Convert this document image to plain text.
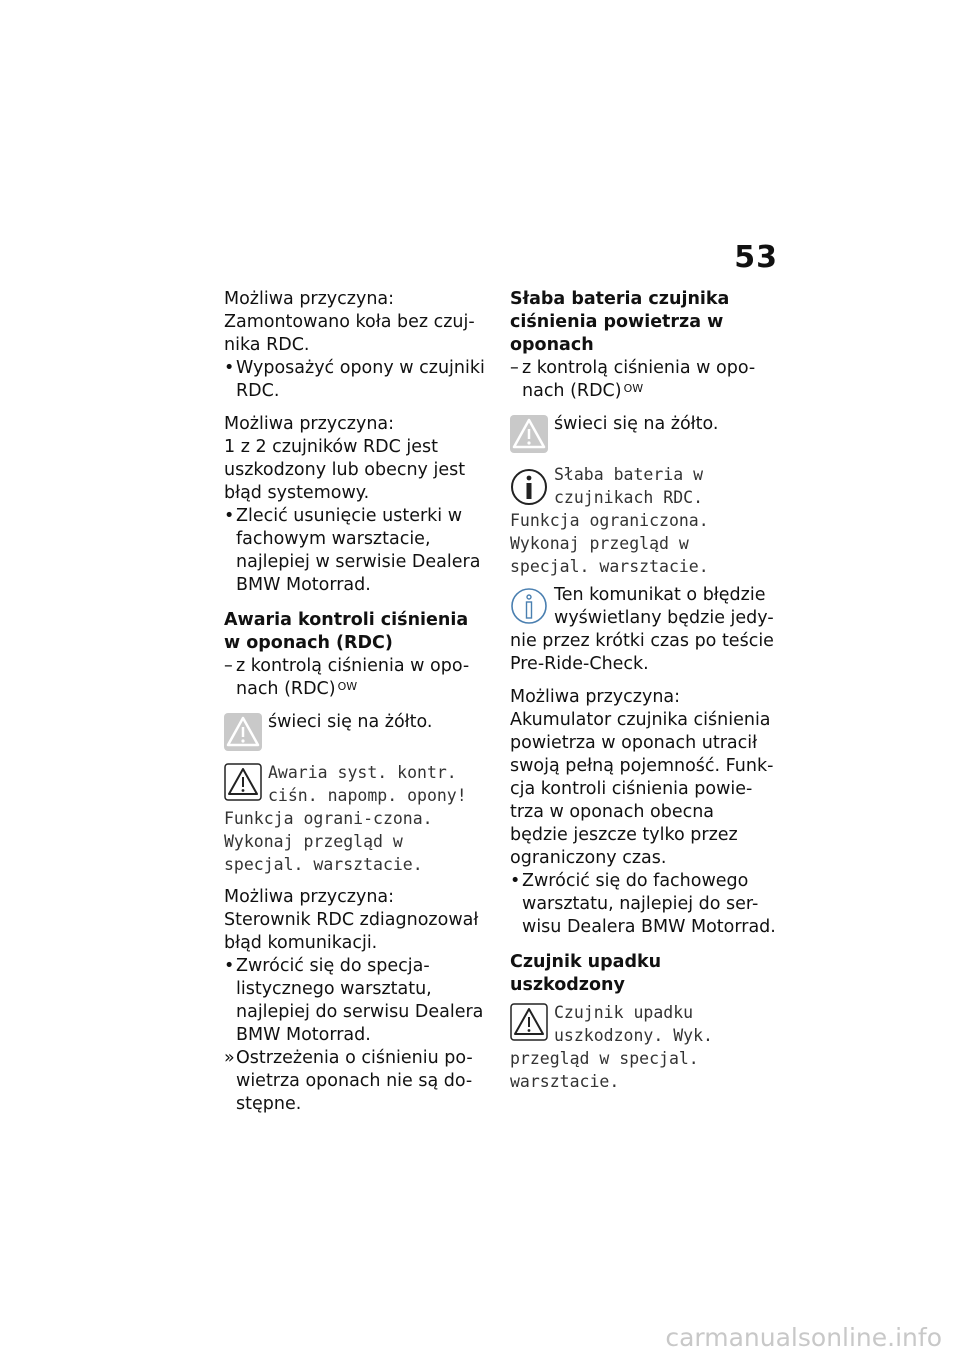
53

Możliwa przyczyna:

Zamontowano koła bez czuj-nika RDC.

• Wyposażyć opony w czujniki RDC.

Możliwa przyczyna:

1 z 2 czujników RDC jest uszkodzony lub obecny jest błąd systemowy.

• Zlecić usunięcie usterki w fachowym warsztacie, najlepiej w serwisie Dealera BMW Motorrad.

Awaria kontroli ciśnienia w oponach (RDC)

– z kontrolą ciśnienia w opo-nach (RDC) $^{OW}$

świeci się na żółto.

Awaria syst. kontr. ciśn. napomp. opony! Funkcja ograni-czona. Wykonaj przegląd w specjal. warsztacie.

Możliwa przyczyna:

Sterownik RDC zdiagnozował błąd komunikacji.

• Zwrócić się do specja-listycznego warsztatu, najlepiej do serwisu Dealera BMW Motorrad.

» Ostrzeżenia o ciśnieniu po-wietrza oponach nie są do-stępne.

Słaba bateria czujnika ciśnienia powietrza w oponach

– z kontrolą ciśnienia w opo-nach (RDC) $^{OW}$

świeci się na żółto.

Słaba bateria w czujnikach RDC. Funkcja ograniczona. Wykonaj przegląd w specjal. warsztacie.

Ten komunikat o błędzie wyświetlany będzie jedy-nie przez krótki czas po teście Pre-Ride-Check.

Możliwa przyczyna:

Akumulator czujnika ciśnienia powietrza w oponach utracił swoją pełną pojemność. Funk-cja kontroli ciśnienia powie-trza w oponach obecna będzie jeszcze tylko przez ograniczony czas.

• Zwrócić się do fachowego warsztatu, najlepiej do ser-wisu Dealera BMW Motorrad.

Czujnik upadku uszkodzony

Czujnik upadku uszkodzony. Wyk. przegląd w specjal. warsztacie.

carmanualsonline.info
